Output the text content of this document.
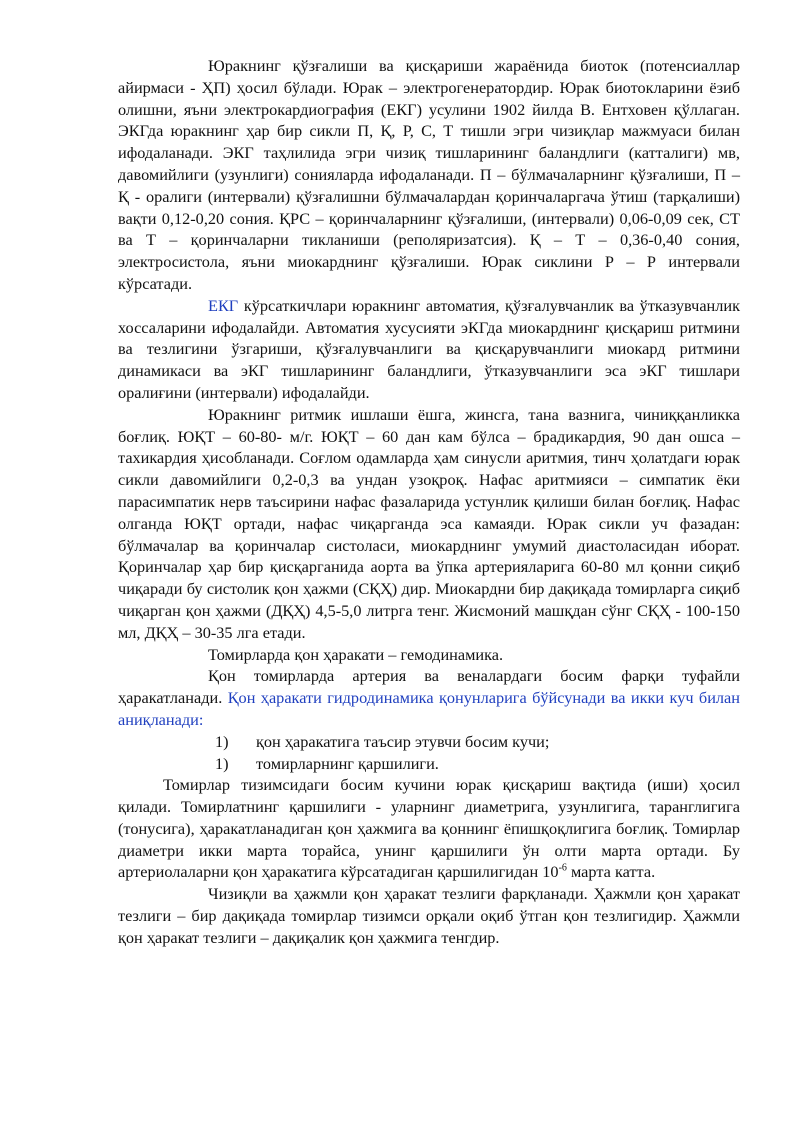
Юракнинг қўзғалиши ва қисқариши жараёнида биоток (потенсиаллар айирмаси - ҲП) ҳосил бўлади. Юрак – электрогенератордир. Юрак биотокларини ёзиб олишни, яъни электрокардиография (ЕКГ) усулини 1902 йилда В. Ентховен қўллаган. ЭКГда юракнинг ҳар бир сикли П, Қ, Р, С, Т тишли эгри чизиқлар мажмуаси билан ифодаланади. ЭКГ таҳлилида эгри чизиқ тишларининг баландлиги (катталиги) мв, давомийлиги (узунлиги) сонияларда ифодаланади. П – бўлмачаларнинг қўзғалиши, П – Қ - оралиги (интервали) қўзғалишни бўлмачалардан қоринчаларгача ўтиш (тарқалиши) вақти 0,12-0,20 сония. ҚРС – қоринчаларнинг қўзғалиши, (интервали) 0,06-0,09 сек, СТ ва Т – қоринчаларни тикланиши (реполяризатсия). Қ – Т – 0,36-0,40 сония, электросистола, яъни миокарднинг қўзғалиши. Юрак сиклини Р – Р интервали кўрсатади.

ЕКГ кўрсаткичлари юракнинг автоматия, қўзғалувчанлик ва ўтказувчанлик хоссаларини ифодалайди. Автоматия хусусияти эКГда миокарднинг қисқариш ритмини ва тезлигини ўзгариши, қўзғалувчанлиги ва қисқарувчанлиги миокард ритмини динамикаси ва эКГ тишларининг баландлиги, ўтказувчанлиги эса эКГ тишлари оралиғини (интервали) ифодалайди.

Юракнинг ритмик ишлаши ёшга, жинсга, тана вазнига, чиниққанликка боғлиқ. ЮҚТ – 60-80- м/г. ЮҚТ – 60 дан кам бўлса – брадикардия, 90 дан ошса – тахикардия ҳисобланади. Соғлом одамларда ҳам синусли аритмия, тинч ҳолатдаги юрак сикли давомийлиги 0,2-0,3 ва ундан узоқроқ. Нафас аритмияси – симпатик ёки парасимпатик нерв таъсирини нафас фазаларида устунлик қилиши билан боғлиқ. Нафас олганда ЮҚТ ортади, нафас чиқарганда эса камаяди. Юрак сикли уч фазадан: бўлмачалар ва қоринчалар систоласи, миокарднинг умумий диастоласидан иборат. Қоринчалар ҳар бир қисқарганида аорта ва ўпка артерияларига 60-80 мл қонни сиқиб чиқаради бу систолик қон ҳажми (СҚҲ) дир. Миокардни бир дақиқада томирларга сиқиб чиқарган қон ҳажми (ДҚҲ) 4,5-5,0 литрга тенг. Жисмоний машқдан сўнг СҚҲ - 100-150 мл, ДҚҲ – 30-35 лга етади.

Томирларда қон ҳаракати – гемодинамика.

Қон томирларда артерия ва веналардаги босим фарқи туфайли ҳаракатланади. Қон ҳаракати гидродинамика қонунларига бўйсунади ва икки куч билан аниқланади:

1) қон ҳаракатига таъсир этувчи босим кучи;
1) томирларнинг қаршилиги.

Томирлар тизимсидаги босим кучини юрак қисқариш вақтида (иши) ҳосил қилади. Томирлатнинг қаршилиги - уларнинг диаметрига, узунлигига, таранглигига (тонусига), ҳаракатланадиган қон ҳажмига ва қоннинг ёпишқоқлигига боғлиқ. Томирлар диаметри икки марта торайса, унинг қаршилиги ўн олти марта ортади. Бу артериолаларни қон ҳаракатига кўрсатадиган қаршилигидан $10^{-6}$ марта катта.

Чизиқли ва ҳажмли қон ҳаракат тезлиги фарқланади. Ҳажмли қон ҳаракат тезлиги – бир дақиқада томирлар тизимси орқали оқиб ўтган қон тезлигидир. Ҳажмли қон ҳаракат тезлиги – дақиқалик қон ҳажмига тенгдир.
